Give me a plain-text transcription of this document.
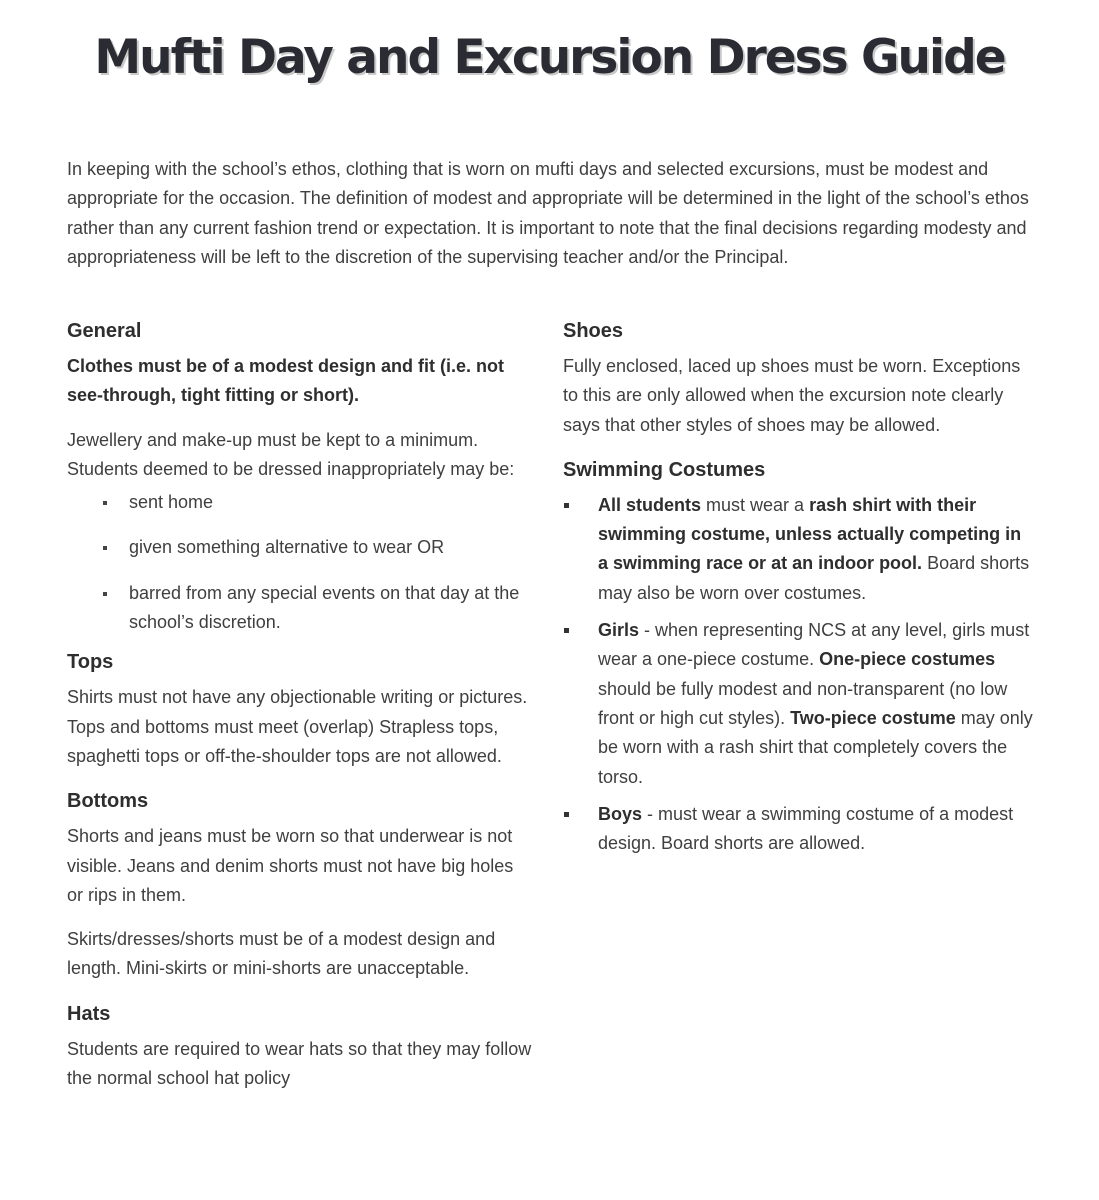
Mufti Day and Excursion Dress Guide

In keeping with the school’s ethos, clothing that is worn on mufti days and selected excursions, must be modest and appropriate for the occasion. The definition of modest and appropriate will be determined in the light of the school’s ethos rather than any current fashion trend or expectation. It is important to note that the final decisions regarding modesty and appropriateness will be left to the discretion of the supervising teacher and/or the Principal.

General

Clothes must be of a modest design and fit (i.e. not see-through, tight fitting or short).

Jewellery and make-up must be kept to a minimum. Students deemed to be dressed inappropriately may be:

sent home
given something alternative to wear OR
barred from any special events on that day at the school’s discretion.
Tops

Shirts must not have any objectionable writing or pictures. Tops and bottoms must meet (overlap) Strapless tops, spaghetti tops or off-the-shoulder tops are not allowed.

Bottoms

Shorts and jeans must be worn so that underwear is not visible. Jeans and denim shorts must not have big holes or rips in them.

Skirts/dresses/shorts must be of a modest design and length. Mini-skirts or mini-shorts are unacceptable.

Hats

Students are required to wear hats so that they may follow the normal school hat policy

Shoes

Fully enclosed, laced up shoes must be worn. Exceptions to this are only allowed when the excursion note clearly says that other styles of shoes may be allowed.

Swimming Costumes
All students must wear a rash shirt with their swimming costume, unless actually competing in a swimming race or at an indoor pool. Board shorts may also be worn over costumes.
Girls - when representing NCS at any level, girls must wear a one-piece costume. One-piece costumes should be fully modest and non-transparent (no low front or high cut styles). Two-piece costume may only be worn with a rash shirt that completely covers the torso.
Boys - must wear a swimming costume of a modest design. Board shorts are allowed.
